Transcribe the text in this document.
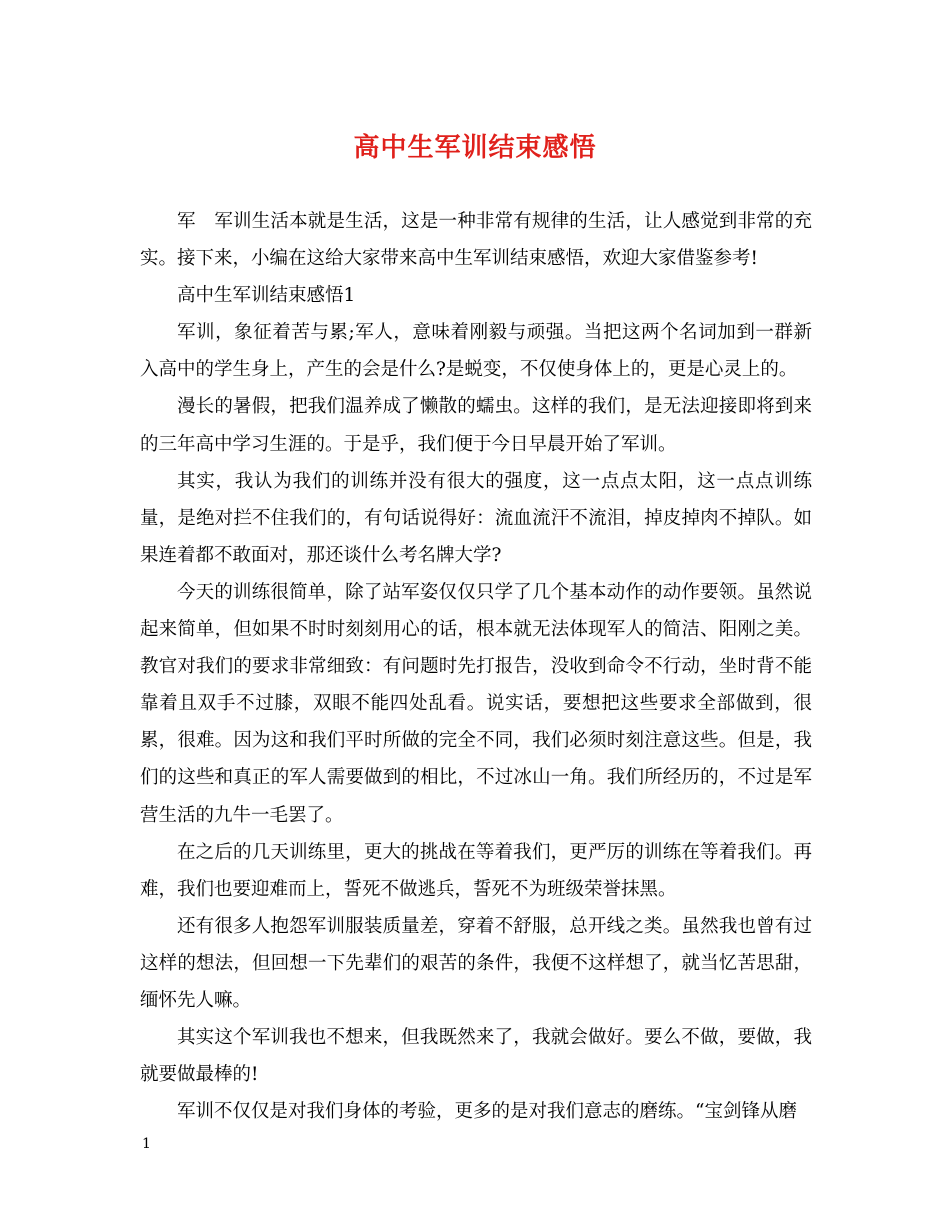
高中生军训结束感悟

军　军训生活本就是生活，这是一种非常有规律的生活，让人感觉到非常的充实。接下来，小编在这给大家带来高中生军训结束感悟，欢迎大家借鉴参考!

高中生军训结束感悟1

军训，象征着苦与累;军人，意味着刚毅与顽强。当把这两个名词加到一群新入高中的学生身上，产生的会是什么?是蜕变，不仅使身体上的，更是心灵上的。

漫长的暑假，把我们温养成了懒散的蠕虫。这样的我们，是无法迎接即将到来的三年高中学习生涯的。于是乎，我们便于今日早晨开始了军训。

其实，我认为我们的训练并没有很大的强度，这一点点太阳，这一点点训练量，是绝对拦不住我们的，有句话说得好：流血流汗不流泪，掉皮掉肉不掉队。如果连着都不敢面对，那还谈什么考名牌大学?

今天的训练很简单，除了站军姿仅仅只学了几个基本动作的动作要领。虽然说起来简单，但如果不时时刻刻用心的话，根本就无法体现军人的简洁、阳刚之美。教官对我们的要求非常细致：有问题时先打报告，没收到命令不行动，坐时背不能靠着且双手不过膝，双眼不能四处乱看。说实话，要想把这些要求全部做到，很累，很难。因为这和我们平时所做的完全不同，我们必须时刻注意这些。但是，我们的这些和真正的军人需要做到的相比，不过冰山一角。我们所经历的，不过是军营生活的九牛一毛罢了。

在之后的几天训练里，更大的挑战在等着我们，更严厉的训练在等着我们。再难，我们也要迎难而上，誓死不做逃兵，誓死不为班级荣誉抹黑。

还有很多人抱怨军训服装质量差，穿着不舒服，总开线之类。虽然我也曾有过这样的想法，但回想一下先辈们的艰苦的条件，我便不这样想了，就当忆苦思甜，缅怀先人嘛。

其实这个军训我也不想来，但我既然来了，我就会做好。要么不做，要做，我就要做最棒的!

军训不仅仅是对我们身体的考验，更多的是对我们意志的磨练。“宝剑锋从磨

1
